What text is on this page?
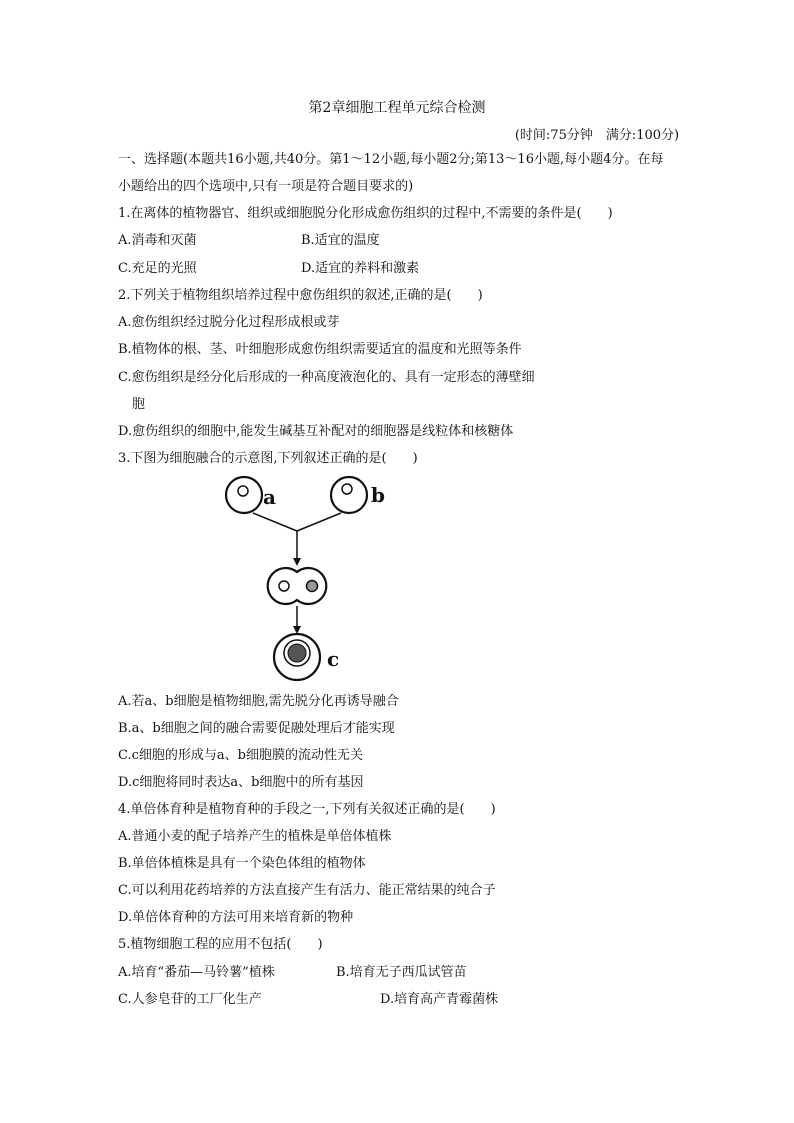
第2章细胞工程单元综合检测
(时间:75分钟　满分:100分)
一、选择题(本题共16小题,共40分。第1～12小题,每小题2分;第13～16小题,每小题4分。在每
小题给出的四个选项中,只有一项是符合题目要求的)
1.在离体的植物器官、组织或细胞脱分化形成愈伤组织的过程中,不需要的条件是(　　)
A.消毒和灭菌	B.适宜的温度
C.充足的光照	D.适宜的养料和激素
2.下列关于植物组织培养过程中愈伤组织的叙述,正确的是(　　)
A.愈伤组织经过脱分化过程形成根或芽
B.植物体的根、茎、叶细胞形成愈伤组织需要适宜的温度和光照等条件
C.愈伤组织是经分化后形成的一种高度液泡化的、具有一定形态的薄壁细
胞
D.愈伤组织的细胞中,能发生碱基互补配对的细胞器是线粒体和核糖体
3.下图为细胞融合的示意图,下列叙述正确的是(　　)
a	b
c
A.若a、b细胞是植物细胞,需先脱分化再诱导融合
B.a、b细胞之间的融合需要促融处理后才能实现
C.c细胞的形成与a、b细胞膜的流动性无关
D.c细胞将同时表达a、b细胞中的所有基因
4.单倍体育种是植物育种的手段之一,下列有关叙述正确的是(　　)
A.普通小麦的配子培养产生的植株是单倍体植株
B.单倍体植株是具有一个染色体组的植物体
C.可以利用花药培养的方法直接产生有活力、能正常结果的纯合子
D.单倍体育种的方法可用来培育新的物种
5.植物细胞工程的应用不包括(　　)
A.培育“番茄—马铃薯”植株	B.培育无子西瓜试管苗
C.人参皂苷的工厂化生产	D.培育高产青霉菌株
